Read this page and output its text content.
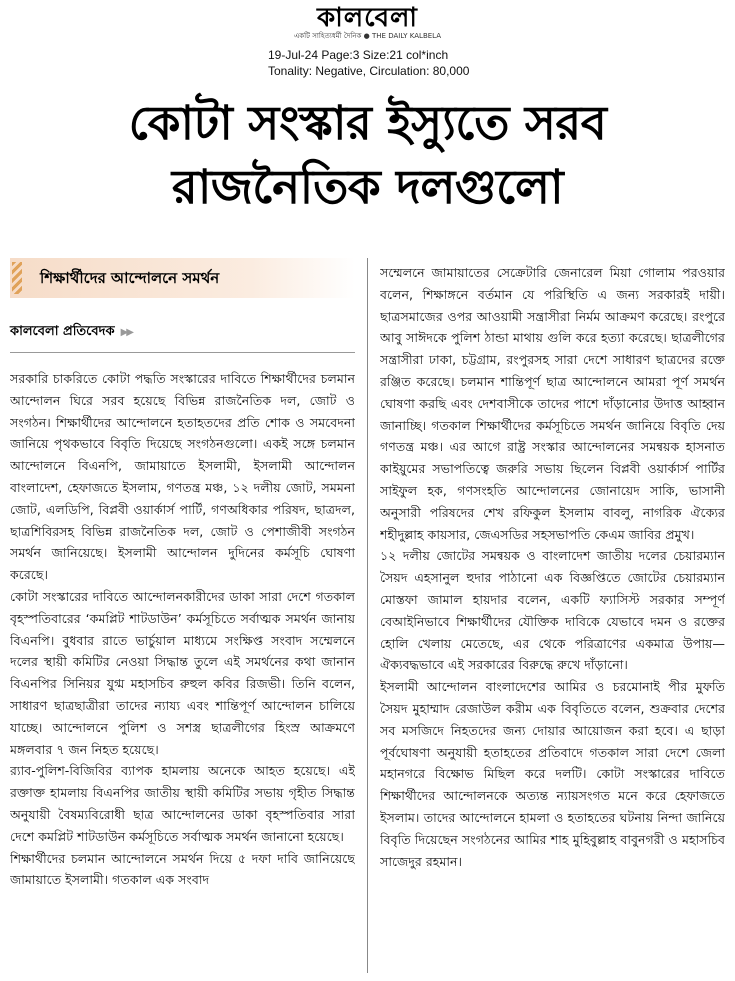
কালবেলা
একটি সাহিত্যধর্মী দৈনিক ● THE DAILY KALBELA
19-Jul-24 Page:3 Size:21 col*inch
Tonality: Negative, Circulation: 80,000
কোটা সংস্কার ইস্যুতে সরব
রাজনৈতিক দলগুলো
শিক্ষার্থীদের আন্দোলনে সমর্থন
কালবেলা প্রতিবেদক ▶▶

সরকারি চাকরিতে কোটা পদ্ধতি সংস্কারের দাবিতে শিক্ষার্থীদের চলমান আন্দোলন ঘিরে সরব হয়েছে বিভিন্ন রাজনৈতিক দল, জোট ও সংগঠন। শিক্ষার্থীদের আন্দোলনে হতাহতদের প্রতি শোক ও সমবেদনা জানিয়ে পৃথকভাবে বিবৃতি দিয়েছে সংগঠনগুলো। একই সঙ্গে চলমান আন্দোলনে বিএনপি, জামায়াতে ইসলামী, ইসলামী আন্দোলন বাংলাদেশ, হেফাজতে ইসলাম, গণতন্ত্র মঞ্চ, ১২ দলীয় জোট, সমমনা জোট, এলডিপি, বিপ্লবী ওয়ার্কার্স পার্টি, গণঅধিকার পরিষদ, ছাত্রদল, ছাত্রশিবিরসহ বিভিন্ন রাজনৈতিক দল, জোট ও পেশাজীবী সংগঠন সমর্থন জানিয়েছে। ইসলামী আন্দোলন দুদিনের কর্মসূচি ঘোষণা করেছে।

কোটা সংস্কারের দাবিতে আন্দোলনকারীদের ডাকা সারা দেশে গতকাল বৃহস্পতিবারের ‘কমপ্লিট শাটডাউন’ কর্মসূচিতে সর্বাত্মক সমর্থন জানায় বিএনপি। বুধবার রাতে ভার্চুয়াল মাধ্যমে সংক্ষিপ্ত সংবাদ সম্মেলনে দলের স্থায়ী কমিটির নেওয়া সিদ্ধান্ত তুলে এই সমর্থনের কথা জানান বিএনপির সিনিয়র যুগ্ম মহাসচিব রুহুল কবির রিজভী। তিনি বলেন, সাধারণ ছাত্রছাত্রীরা তাদের ন্যায্য এবং শান্তিপূর্ণ আন্দোলন চালিয়ে যাচ্ছে। আন্দোলনে পুলিশ ও সশস্ত্র ছাত্রলীগের হিংস্র আক্রমণে মঙ্গলবার ৭ জন নিহত হয়েছে।

র‍্যাব-পুলিশ-বিজিবির ব্যাপক হামলায় অনেকে আহত হয়েছে। এই রক্তাক্ত হামলায় বিএনপির জাতীয় স্থায়ী কমিটির সভায় গৃহীত সিদ্ধান্ত অনুযায়ী বৈষম্যবিরোধী ছাত্র আন্দোলনের ডাকা বৃহস্পতিবার সারা দেশে কমপ্লিট শাটডাউন কর্মসূচিতে সর্বাত্মক সমর্থন জানানো হয়েছে।

শিক্ষার্থীদের চলমান আন্দোলনে সমর্থন দিয়ে ৫ দফা দাবি জানিয়েছে জামায়াতে ইসলামী। গতকাল এক সংবাদ

সম্মেলনে জামায়াতের সেক্রেটারি জেনারেল মিয়া গোলাম পরওয়ার বলেন, শিক্ষাঙ্গনে বর্তমান যে পরিস্থিতি এ জন্য সরকারই দায়ী। ছাত্রসমাজের ওপর আওয়ামী সন্ত্রাসীরা নির্মম আক্রমণ করেছে। রংপুরে আবু সাঈদকে পুলিশ ঠান্ডা মাথায় গুলি করে হত্যা করেছে। ছাত্রলীগের সন্ত্রাসীরা ঢাকা, চট্টগ্রাম, রংপুরসহ সারা দেশে সাধারণ ছাত্রদের রক্তে রঞ্জিত করেছে। চলমান শান্তিপূর্ণ ছাত্র আন্দোলনে আমরা পূর্ণ সমর্থন ঘোষণা করছি এবং দেশবাসীকে তাদের পাশে দাঁড়ানোর উদাত্ত আহ্বান জানাচ্ছি। গতকাল শিক্ষার্থীদের কর্মসূচিতে সমর্থন জানিয়ে বিবৃতি দেয় গণতন্ত্র মঞ্চ। এর আগে রাষ্ট্র সংস্কার আন্দোলনের সমন্বয়ক হাসনাত কাইয়ুমের সভাপতিত্বে জরুরি সভায় ছিলেন বিপ্লবী ওয়ার্কার্স পার্টির সাইফুল হক, গণসংহতি আন্দোলনের জোনায়েদ সাকি, ভাসানী অনুসারী পরিষদের শেখ রফিকুল ইসলাম বাবলু, নাগরিক ঐক্যের শহীদুল্লাহ কায়সার, জেএসডির সহসভাপতি কেএম জাবির প্রমুখ।

১২ দলীয় জোটের সমন্বয়ক ও বাংলাদেশ জাতীয় দলের চেয়ারম্যান সৈয়দ এহসানুল হুদার পাঠানো এক বিজ্ঞপ্তিতে জোটের চেয়ারম্যান মোস্তফা জামাল হায়দার বলেন, একটি ফ্যাসিস্ট সরকার সম্পূর্ণ বেআইনিভাবে শিক্ষার্থীদের যৌক্তিক দাবিকে যেভাবে দমন ও রক্তের হোলি খেলায় মেতেছে, এর থেকে পরিত্রাণের একমাত্র উপায়—ঐক্যবদ্ধভাবে এই সরকারের বিরুদ্ধে রুখে দাঁড়ানো।

ইসলামী আন্দোলন বাংলাদেশের আমির ও চরমোনাই পীর মুফতি সৈয়দ মুহাম্মাদ রেজাউল করীম এক বিবৃতিতে বলেন, শুক্রবার দেশের সব মসজিদে নিহতদের জন্য দোয়ার আয়োজন করা হবে। এ ছাড়া পূর্বঘোষণা অনুযায়ী হতাহতের প্রতিবাদে গতকাল সারা দেশে জেলা মহানগরে বিক্ষোভ মিছিল করে দলটি। কোটা সংস্কারের দাবিতে শিক্ষার্থীদের আন্দোলনকে অত্যন্ত ন্যায়সংগত মনে করে হেফাজতে ইসলাম। তাদের আন্দোলনে হামলা ও হতাহতের ঘটনায় নিন্দা জানিয়ে বিবৃতি দিয়েছেন সংগঠনের আমির শাহ মুহিবুল্লাহ বাবুনগরী ও মহাসচিব সাজেদুর রহমান।
